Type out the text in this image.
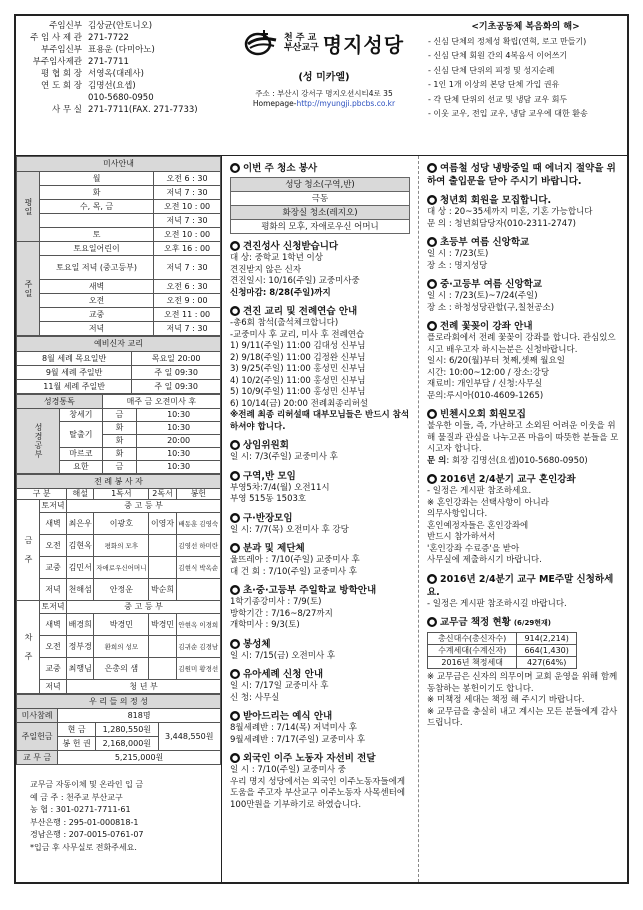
주임신부 김상균(안토니오)
주 임 사 제 관 271-7722
부주임신부 표용운 (다미아노)
부주임사제관 271-7711
평 협 회 장 서영옥(대레사)
연 도 회 장 김명선(요셉)
010-5680-0950
사 무 실 271-7711(FAX. 271-7733)
천 주 교
부산교구 명지성당
(성 미카엘)
주소 : 부산시 강서구 명지오션시티4로 35
Homepage-http://myungji.pbcbs.co.kr
<기초공동체 복음화의 해>
- 신심 단체의 정체성 확립(연혁, 로고 만들기)
- 신심 단체 회원 간의 4복음서 이어쓰기
- 신심 단체 단위의 피정 및 성지순례
- 1인 1개 이상의 본당 단체 가입 권유
- 각 단체 단위의 선교 및 냉담 교우 회두
- 이웃 교우, 전입 교우, 냉담 교우에 대한 환송
미사안내		
평일	월	오전 6 : 30
	화	저녁 7 : 30
	수, 목, 금	오전 10 : 00
		저녁 7 : 30
	토	오전 10 : 00
주일	토요일어린이	오후 16 : 00
	토요일 저녁 (중고등부)	저녁 7 : 30
	새벽	오전 6 : 30
	오전	오전 9 : 00
	교중	오전 11 : 00
	저녁	저녁 7 : 30
예비신자 교리	
8월 세례 목요일반	목요일 20:00
9월 세례 주일반	주 일 09:30
11월 세례 주일반	주 일 09:30
성경통독		매주 금 오전미사 후	
성경공부	창세기	금	10:30
	탈출기	화	10:30
		화	20:00
	마르코	화	10:30
	요한	금	10:30
전 례 봉 사 자					
구 분		해설	1독서	2독서	봉헌
금 주	토저녁	중 고 등 부			
	새벽	최은우	이광호	이영자	배동훈 김영숙
	오전	김현옥	평화의 모후		김영선 하미란
	교중	김민서	자애로우신어머니		김현식 박옥순
	저녁	천해섬	안정운	박순희	
차 주	토저녁	중 고 등 부			
	새벽	배경희	박경민	박경민	안현옥 이경희
	오전	정부경	환희의 성모		김귀순 김경남
	교중	최행님	은총의 샘		김원미 황경선
	저녁	청 년 부			
우 리 들 의 정 성			
미사참례	818명		
주일헌금	현 금	1,280,550원	3,448,550원
	봉 헌 권	2,168,000원	
교 무 금	5,215,000원		
교무금 자동이체 및 온라인 입 금
예 금 주 : 천주교 부산교구
농 협 : 301-0271-7711-61
부산은행 : 295-01-000818-1
경남은행 : 207-0015-0761-07
*입금 후 사무실로 전화주세요.
● 이번 주 청소 봉사
성당 청소(구역,반)
극동
화장실 청소(레지오)
평화의 모후, 자애로우신 어머니
● 견진성사 신청받습니다
대 상: 중학교 1학년 이상
견진받지 않은 신자
견진일시: 10/16(주일) 교중미사중
신청마감: 8/28(주일)까지
● 견진 교리 및 전례연습 안내
-총6회 참석(출석체크합니다)
-교중미사 후 교리, 미사 후 전례연습
1) 9/11(주일) 11:00 김대성 신부님
2) 9/18(주일) 11:00 김정완 신부님
3) 9/25(주일) 11:00 홍성민 신부님
4) 10/2(주일) 11:00 홍성민 신부님
5) 10/9(주일) 11:00 홍성민 신부님
6) 10/14(금) 20:00 전례최종리허설
※전례 최종 리허설때 대부모님들은 반드시 참석하셔야 합니다.
● 상임위원회
일 시: 7/3(주일) 교중미사 후
● 구역,반 모임
부영5차:7/4(월) 오전11시
부영 515동 1503호
● 구·반장모임
일 시: 7/7(목) 오전미사 후 강당
● 분과 및 제단체
울뜨레아 : 7/10(주일) 교중미사 후
대 건 회 : 7/10(주일) 교중미사 후
● 초·중·고등부 주일학교 방학안내
1학기종강미사 : 7/9(토)
방학기간 : 7/16~8/27까지
개학미사 : 9/3(토)
● 봉성체
일 시: 7/15(금) 오전미사 후
● 유아세례 신청 안내
일 시: 7/17일 교중미사 후
신 청: 사무실
● 받아드리는 예식 안내
8월세례반 : 7/14(목) 저녁미사 후
9월세례반 : 7/17(주일) 교중미사 후
● 외국인 이주 노동자 자선비 전달
일 시 : 7/10(주일) 교중미사 중
우리 명지 성당에서는 외국인 이주노동자들에게 도움을 주고자 부산교구 이주노동자 사목센터에 100만원을 기부하기로 하였습니다.
● 여름철 성당 냉방중일 때 에너지 절약을 위하여 출입문을 닫아 주시기 바랍니다.
● 청년회 회원을 모집합니다.
대 상 : 20~35세까지 미혼, 기혼 가능합니다
문 의 : 청년회담당자(010-2311-2747)
● 초등부 여름 신앙학교
일 시 : 7/23(토)
장 소 : 명지성당
● 중·고등부 여름 신앙학교
일 시 : 7/23(토)~7/24(주일)
장 소 : 하청성당관할(구,칠천공소)
● 전례 꽃꽂이 강좌 안내
플로라회에서 전례 꽃꽂이 강좌를 합니다. 관심있으시고 배우고자 하시는분은 신청바랍니다.
일시: 6/20(월)부터 첫째,셋째 월요일
시간: 10:00~12:00 / 장소:강당
재료비: 개인부담 / 신청:사무실
문의:루시아(010-4609-1265)
● 빈첸시오회 회원모집
불우한 이들, 즉, 가난하고 소외된 어려운 이웃을 위해 물질과 관심을 나누고픈 마음이 따뜻한 분들을 모시고자 합니다.
문 의: 회장 김명선(요셉)010-5680-0950)
● 2016년 2/4분기 교구 혼인강좌
- 일정은 게시판 참조하세요.
※ 혼인강좌는 선택사항이 아니라
의무사항입니다.
혼인예정자들은 혼인강좌에
반드시 참가하셔서
'혼인강좌 수료증'을 받아
사무실에 제출하시기 바랍니다.
● 2016년 2/4분기 교구 ME주말 신청하세요.
- 일정은 게시판 참조하시길 바랍니다.
● 교무금 책정 현황 (6/29현재)
총신대수(총신자수)	914(2,214)
수계세대(수계신자)	664(1,430)
2016년 책정세대	427(64%)
※ 교무금은 신자의 의무이며 교회 운영을 위해 함께 동참하는 봉헌이기도 합니다.
※ 미책정 세대는 책정 해 주시기 바랍니다.
※ 교무금을 충실히 내고 계시는 모든 분들에게 감사드립니다.
